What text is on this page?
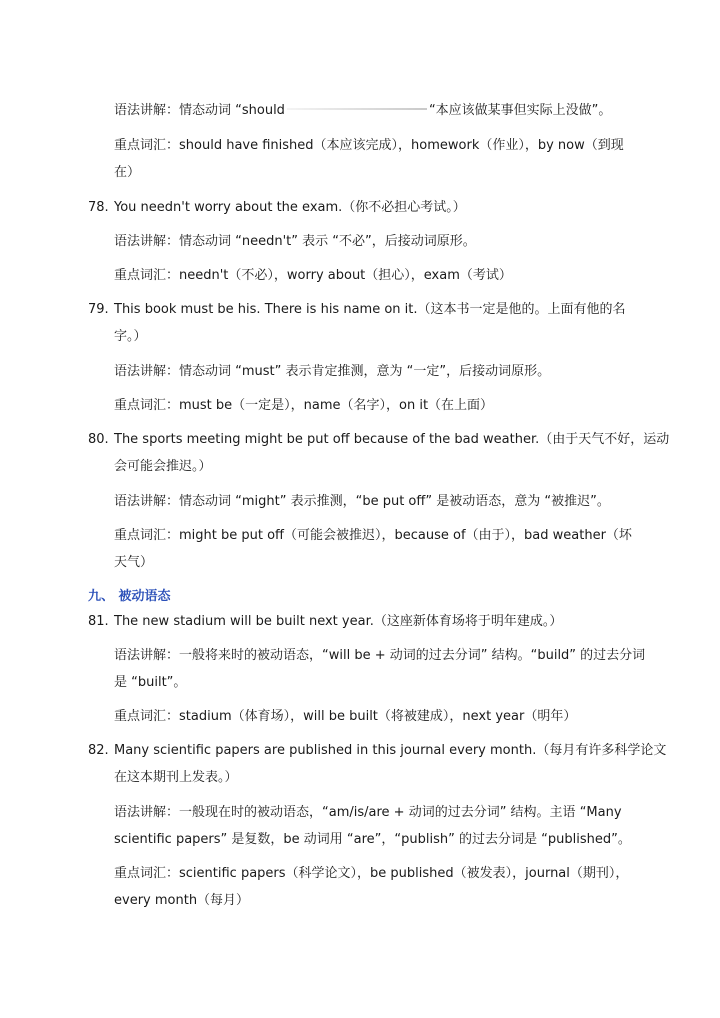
语法讲解：情态动词 “should	“本应该做某事但实际上没做”。
重点词汇：should have finished（本应该完成），homework（作业），by now（到现
在）
78. You needn't worry about the exam.（你不必担心考试。）
语法讲解：情态动词 “needn't” 表示 “不必”，后接动词原形。
重点词汇：needn't（不必），worry about（担心），exam（考试）
79. This book must be his. There is his name on it.（这本书一定是他的。上面有他的名
字。）
语法讲解：情态动词 “must” 表示肯定推测，意为 “一定”，后接动词原形。
重点词汇：must be（一定是），name（名字），on it（在上面）
80. The sports meeting might be put off because of the bad weather.（由于天气不好，运动
会可能会推迟。）
语法讲解：情态动词 “might” 表示推测，“be put off” 是被动语态，意为 “被推迟”。
重点词汇：might be put off（可能会被推迟），because of（由于），bad weather（坏
天气）
九、 被动语态
81. The new stadium will be built next year.（这座新体育场将于明年建成。）
语法讲解：一般将来时的被动语态，“will be + 动词的过去分词” 结构。“build” 的过去分词
是 “built”。
重点词汇：stadium（体育场），will be built（将被建成），next year（明年）
82. Many scientific papers are published in this journal every month.（每月有许多科学论文
在这本期刊上发表。）
语法讲解：一般现在时的被动语态，“am/is/are + 动词的过去分词” 结构。主语 “Many
scientific papers” 是复数，be 动词用 “are”，“publish” 的过去分词是 “published”。
重点词汇：scientific papers（科学论文），be published（被发表），journal（期刊），
every month（每月）
